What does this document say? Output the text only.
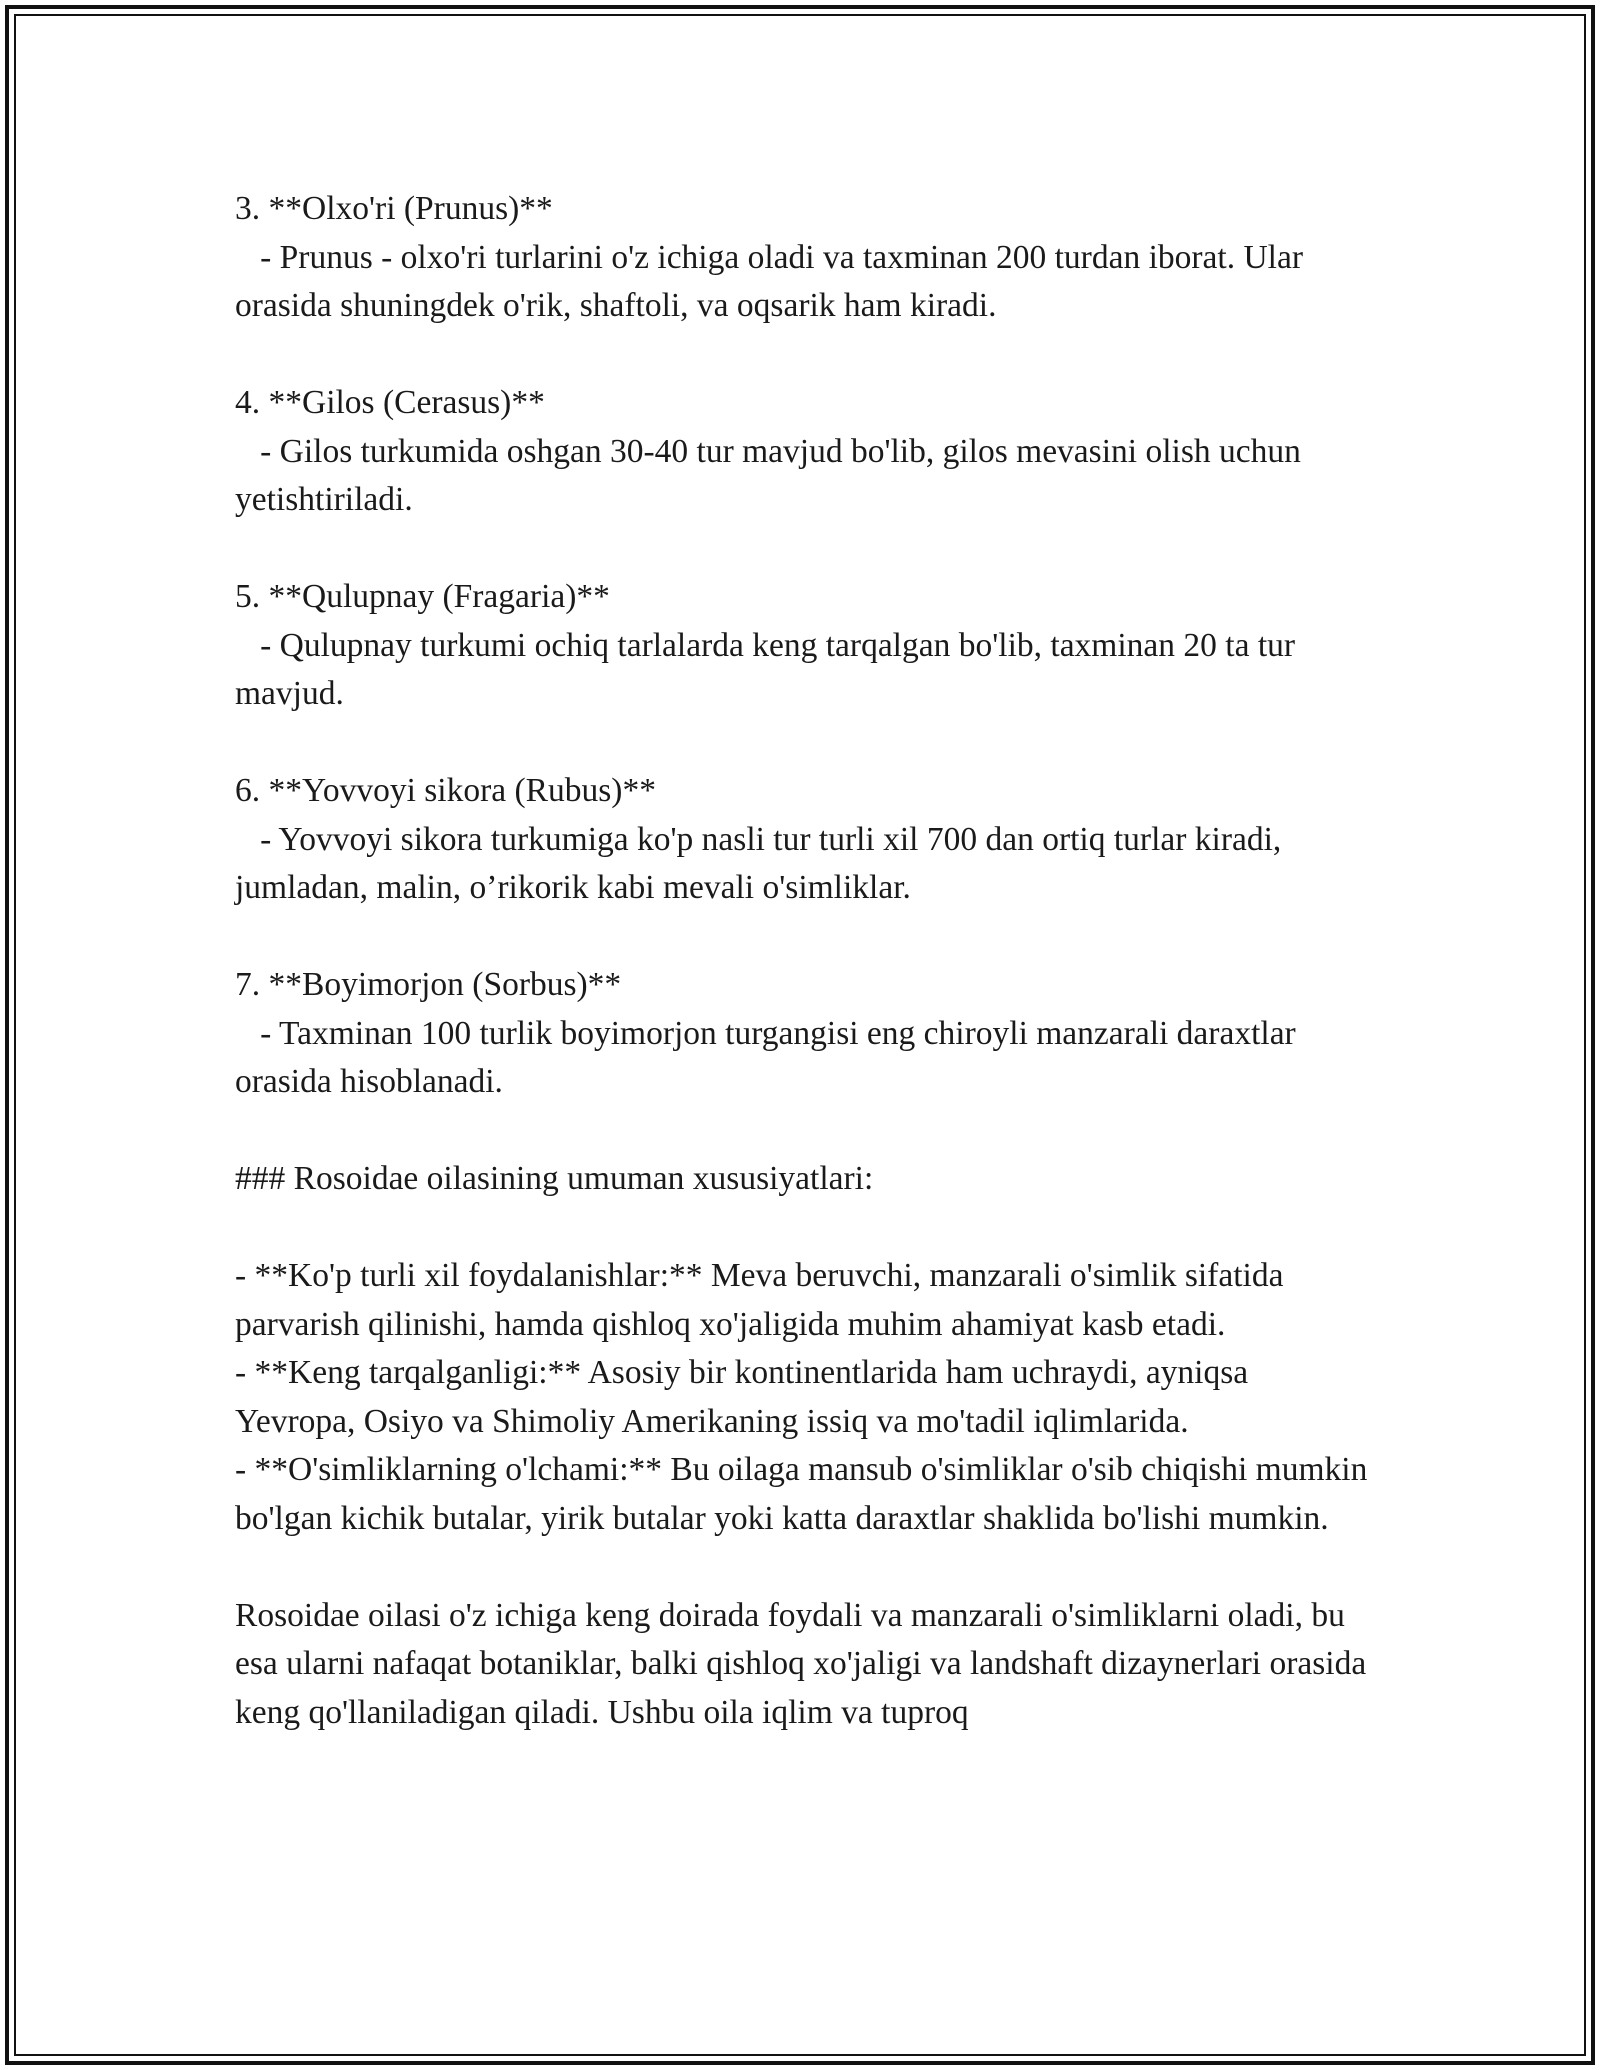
3. **Olxo'ri (Prunus)**

- Prunus - olxo'ri turlarini o'z ichiga oladi va taxminan 200 turdan iborat. Ular orasida shuningdek o'rik, shaftoli, va oqsarik ham kiradi.

4. **Gilos (Cerasus)**

- Gilos turkumida oshgan 30-40 tur mavjud bo'lib, gilos mevasini olish uchun yetishtiriladi.

5. **Qulupnay (Fragaria)**

- Qulupnay turkumi ochiq tarlalarda keng tarqalgan bo'lib, taxminan 20 ta tur mavjud.

6. **Yovvoyi sikora (Rubus)**

- Yovvoyi sikora turkumiga ko'p nasli tur turli xil 700 dan ortiq turlar kiradi, jumladan, malin, o’rikorik kabi mevali o'simliklar.

7. **Boyimorjon (Sorbus)**

- Taxminan 100 turlik boyimorjon turgangisi eng chiroyli manzarali daraxtlar orasida hisoblanadi.

### Rosoidae oilasining umuman xususiyatlari:

- **Ko'p turli xil foydalanishlar:** Meva beruvchi, manzarali o'simlik sifatida parvarish qilinishi, hamda qishloq xo'jaligida muhim ahamiyat kasb etadi.

- **Keng tarqalganligi:** Asosiy bir kontinentlarida ham uchraydi, ayniqsa Yevropa, Osiyo va Shimoliy Amerikaning issiq va mo'tadil iqlimlarida.

- **O'simliklarning o'lchami:** Bu oilaga mansub o'simliklar o'sib chiqishi mumkin bo'lgan kichik butalar, yirik butalar yoki katta daraxtlar shaklida bo'lishi mumkin.

Rosoidae oilasi o'z ichiga keng doirada foydali va manzarali o'simliklarni oladi, bu esa ularni nafaqat botaniklar, balki qishloq xo'jaligi va landshaft dizaynerlari orasida keng qo'llaniladigan qiladi. Ushbu oila iqlim va tuproq
